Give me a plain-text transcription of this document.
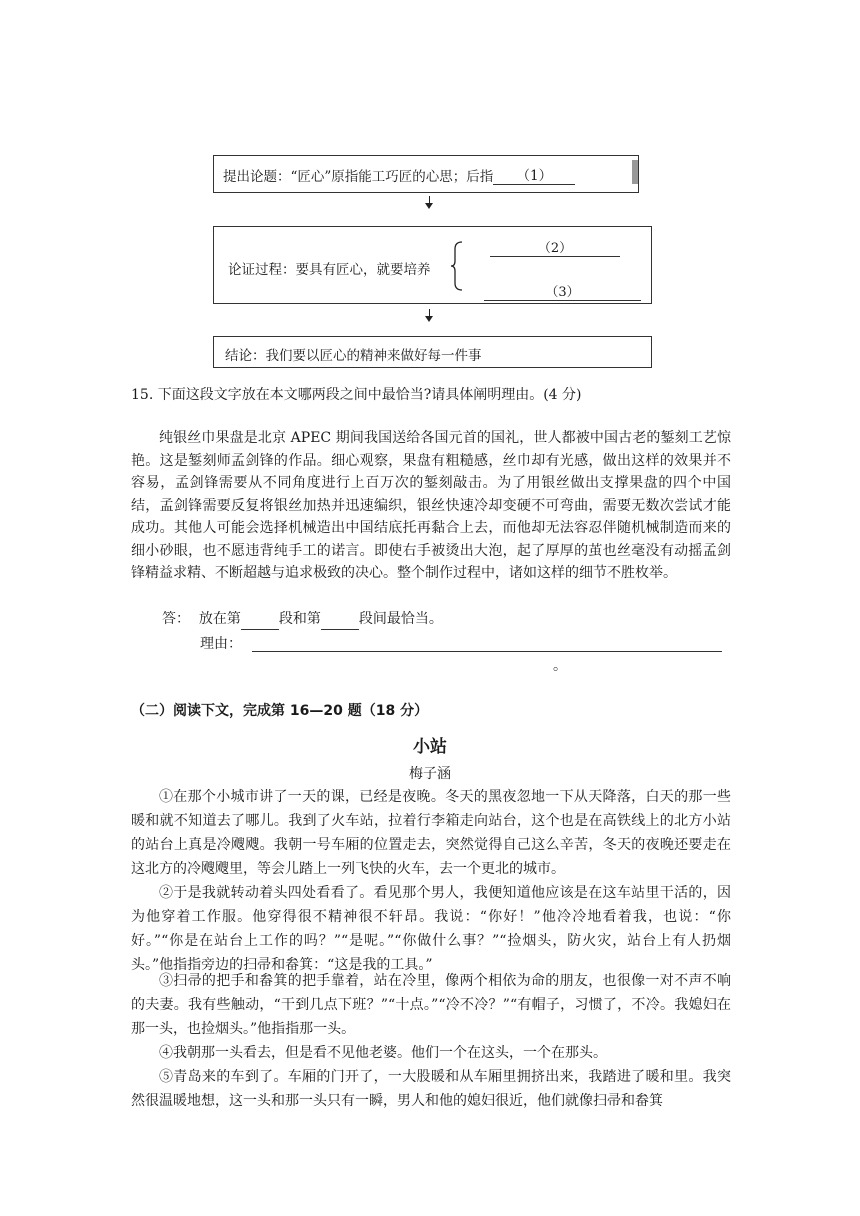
提出论题：“匠心”原指能工巧匠的心思；后指 （1）
论证过程：要具有匠心，就要培养
（2）
（3）
结论：我们要以匠心的精神来做好每一件事
15. 下面这段文字放在本文哪两段之间中最恰当?请具体阐明理由。(4 分)
纯银丝巾果盘是北京 APEC 期间我国送给各国元首的国礼，世人都被中国古老的錾刻工艺惊艳。这是錾刻师孟剑锋的作品。细心观察，果盘有粗糙感，丝巾却有光感，做出这样的效果并不容易，孟剑锋需要从不同角度进行上百万次的錾刻敲击。为了用银丝做出支撑果盘的四个中国结，孟剑锋需要反复将银丝加热并迅速编织，银丝快速冷却变硬不可弯曲，需要无数次尝试才能成功。其他人可能会选择机械造出中国结底托再黏合上去，而他却无法容忍伴随机械制造而来的细小砂眼，也不愿违背纯手工的诺言。即使右手被烫出大泡，起了厚厚的茧也丝毫没有动摇孟剑锋精益求精、不断超越与追求极致的决心。整个制作过程中，诸如这样的细节不胜枚举。
答： 放在第	段和第	段间最恰当。
理由：
。
（二）阅读下文，完成第 16—20 题（18 分）
小站
梅子涵
①在那个小城市讲了一天的课，已经是夜晚。冬天的黑夜忽地一下从天降落，白天的那一些暖和就不知道去了哪儿。我到了火车站，拉着行李箱走向站台，这个也是在高铁线上的北方小站的站台上真是冷飕飕。我朝一号车厢的位置走去，突然觉得自己这么辛苦，冬天的夜晚还要走在这北方的冷飕飕里，等会儿踏上一列飞快的火车，去一个更北的城市。
②于是我就转动着头四处看看了。看见那个男人，我便知道他应该是在这车站里干活的，因为他穿着工作服。他穿得很不精神很不轩昂。我说：“你好！”他冷冷地看着我，也说：“你好。”“你是在站台上工作的吗？”“是呢。”“你做什么事？”“捡烟头，防火灾，站台上有人扔烟头。”他指指旁边的扫帚和畚箕：“这是我的工具。”
③扫帚的把手和畚箕的把手靠着，站在冷里，像两个相依为命的朋友，也很像一对不声不响的夫妻。我有些触动，“干到几点下班？”“十点。”“冷不冷？”“有帽子，习惯了，不冷。我媳妇在那一头，也捡烟头。”他指指那一头。
④我朝那一头看去，但是看不见他老婆。他们一个在这头，一个在那头。
⑤青岛来的车到了。车厢的门开了，一大股暖和从车厢里拥挤出来，我踏进了暖和里。我突然很温暖地想，这一头和那一头只有一瞬，男人和他的媳妇很近，他们就像扫帚和畚箕
